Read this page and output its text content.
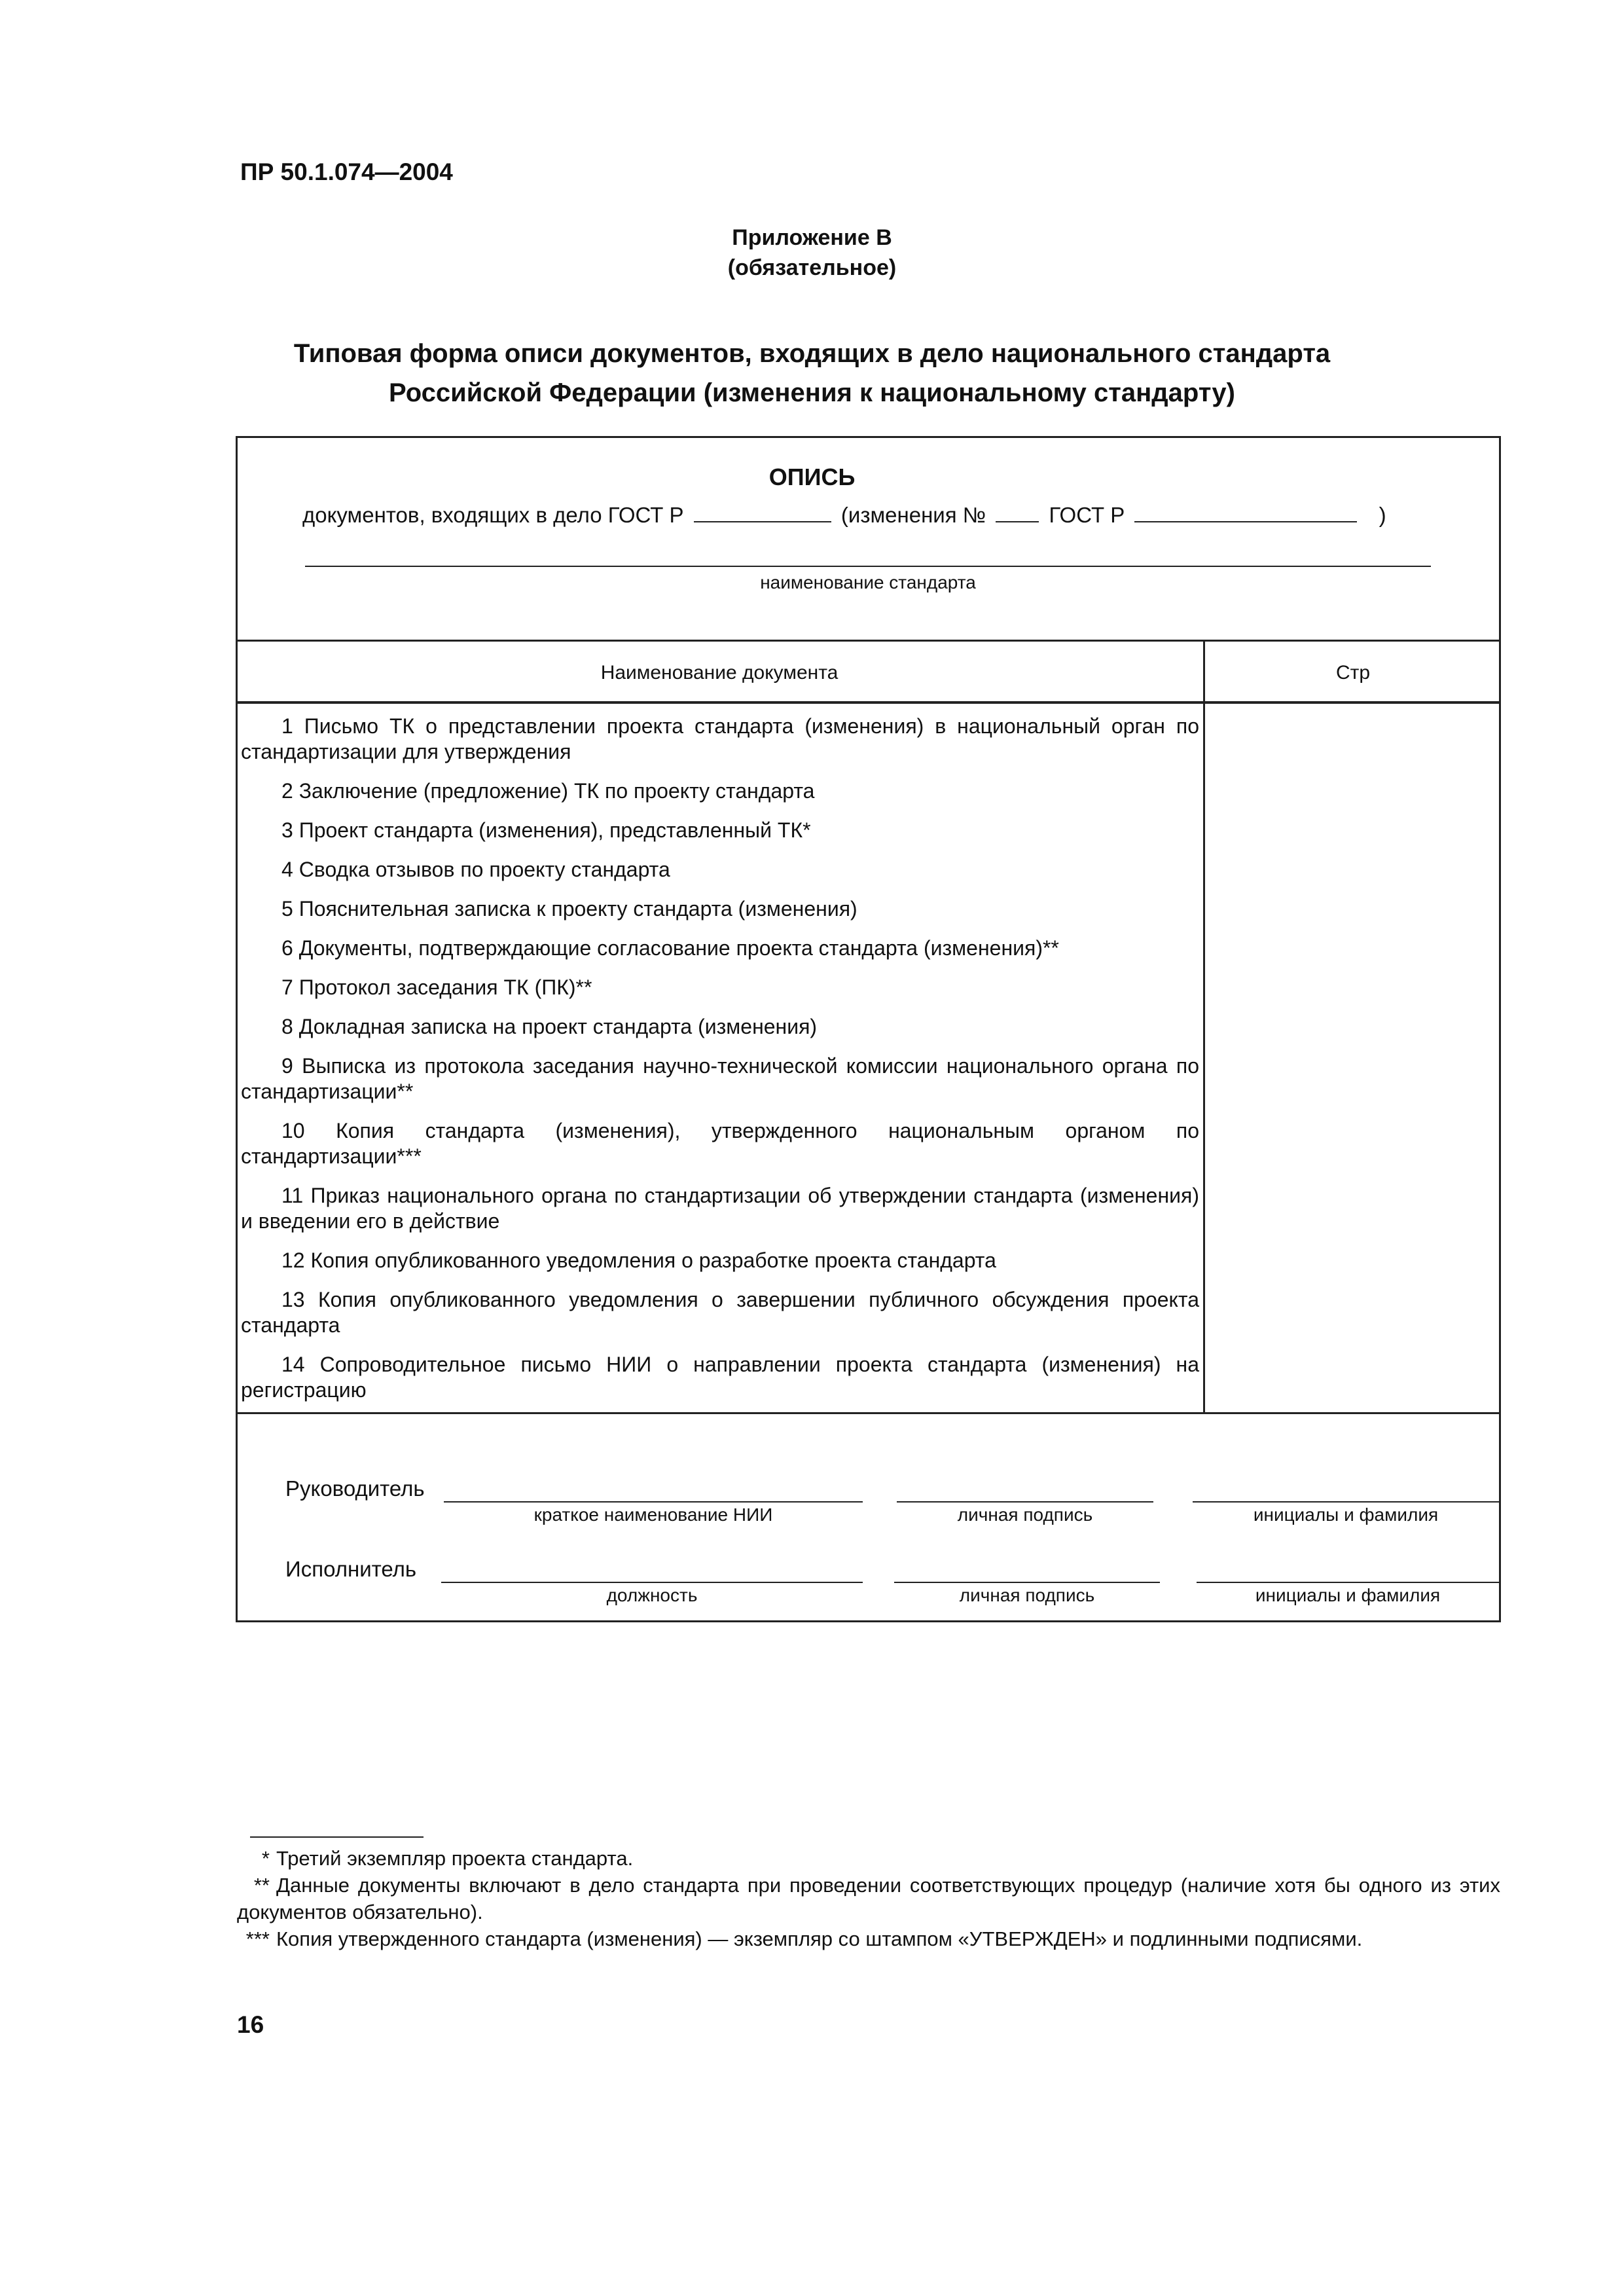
ПР 50.1.074—2004
Приложение В
(обязательное)
Типовая форма описи документов, входящих в дело национального стандарта
Российской Федерации (изменения к национальному стандарту)
ОПИСЬ
документов, входящих в дело ГОСТ Р	(изменения №	ГОСТ Р	)
наименование стандарта
Наименование документа	Стр
1 Письмо ТК о представлении проекта стандарта (изменения) в национальный орган по стандартизации для утверждения
2 Заключение (предложение) ТК по проекту стандарта
3 Проект стандарта (изменения), представленный ТК*
4 Сводка отзывов по проекту стандарта
5 Пояснительная записка к проекту стандарта (изменения)
6 Документы, подтверждающие согласование проекта стандарта (изменения)**
7 Протокол заседания ТК (ПК)**
8 Докладная записка на проект стандарта (изменения)
9 Выписка из протокола заседания научно-технической комиссии национального органа по стандартизации**
10 Копия стандарта (изменения), утвержденного национальным органом по стандартизации***
11 Приказ национального органа по стандартизации об утверждении стандарта (изменения) и введении его в действие
12 Копия опубликованного уведомления о разработке проекта стандарта
13 Копия опубликованного уведомления о завершении публичного обсуждения проекта стандарта
14 Сопроводительное письмо НИИ о направлении проекта стандарта (изменения) на регистрацию
Руководитель
краткое наименование НИИ	личная подпись	инициалы и фамилия
Исполнитель
должность	личная подпись	инициалы и фамилия
* Третий экземпляр проекта стандарта.
** Данные документы включают в дело стандарта при проведении соответствующих процедур (наличие хотя бы одного из этих документов обязательно).
*** Копия утвержденного стандарта (изменения) — экземпляр со штампом «УТВЕРЖДЕН» и подлинными подписями.
16
